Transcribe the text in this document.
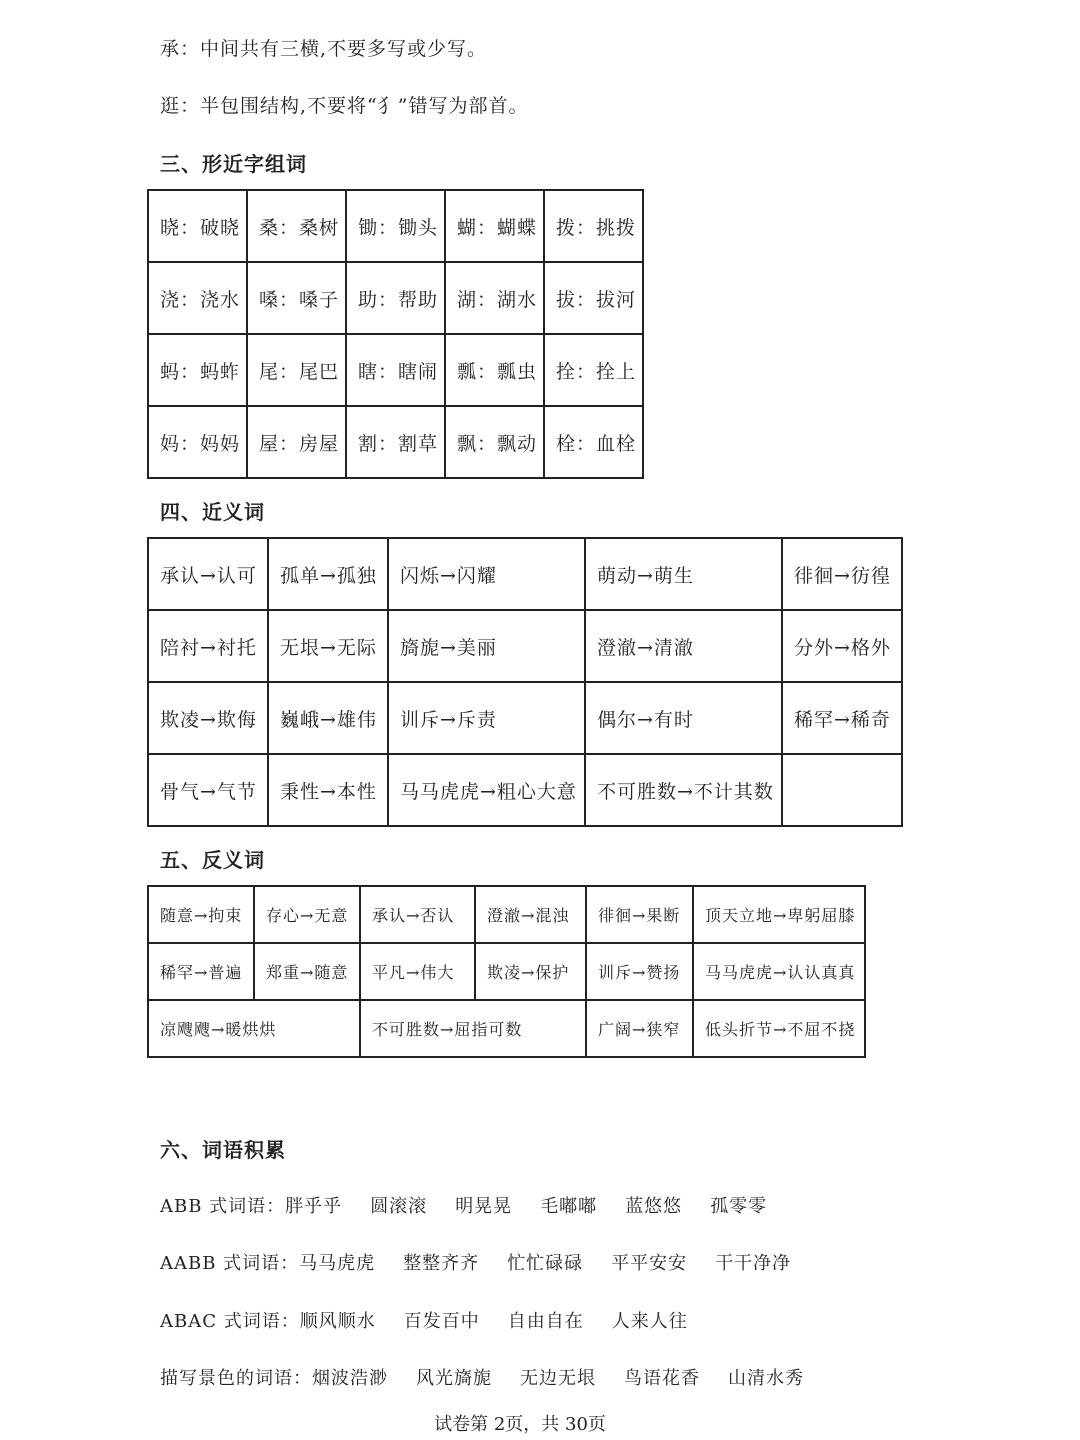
承：中间共有三横,不要多写或少写。
逛：半包围结构,不要将“犭”错写为部首。
三、形近字组词
晓：破晓	桑：桑树	锄：锄头	蝴：蝴蝶	拨：挑拨
浇：浇水	嗓：嗓子	助：帮助	湖：湖水	拔：拔河
蚂：蚂蚱	尾：尾巴	瞎：瞎闹	瓢：瓢虫	拴：拴上
妈：妈妈	屋：房屋	割：割草	飘：飘动	栓：血栓
四、近义词
承认→认可	孤单→孤独	闪烁→闪耀	萌动→萌生	徘徊→彷徨
陪衬→衬托	无垠→无际	旖旎→美丽	澄澈→清澈	分外→格外
欺凌→欺侮	巍峨→雄伟	训斥→斥责	偶尔→有时	稀罕→稀奇
骨气→气节	秉性→本性	马马虎虎→粗心大意	不可胜数→不计其数	
五、反义词
随意→拘束	存心→无意	承认→否认	澄澈→混浊	徘徊→果断	顶天立地→卑躬屈膝
稀罕→普遍	郑重→随意	平凡→伟大	欺凌→保护	训斥→赞扬	马马虎虎→认认真真
凉飕飕→暖烘烘		不可胜数→屈指可数		广阔→狭窄	低头折节→不屈不挠
六、词语积累
ABB 式词语：胖乎乎 圆滚滚 明晃晃 毛嘟嘟 蓝悠悠 孤零零
AABB 式词语：马马虎虎 整整齐齐 忙忙碌碌 平平安安 干干净净
ABAC 式词语：顺风顺水 百发百中 自由自在 人来人往
描写景色的词语：烟波浩渺 风光旖旎 无边无垠 鸟语花香 山清水秀
试卷第 2页，共 30页
